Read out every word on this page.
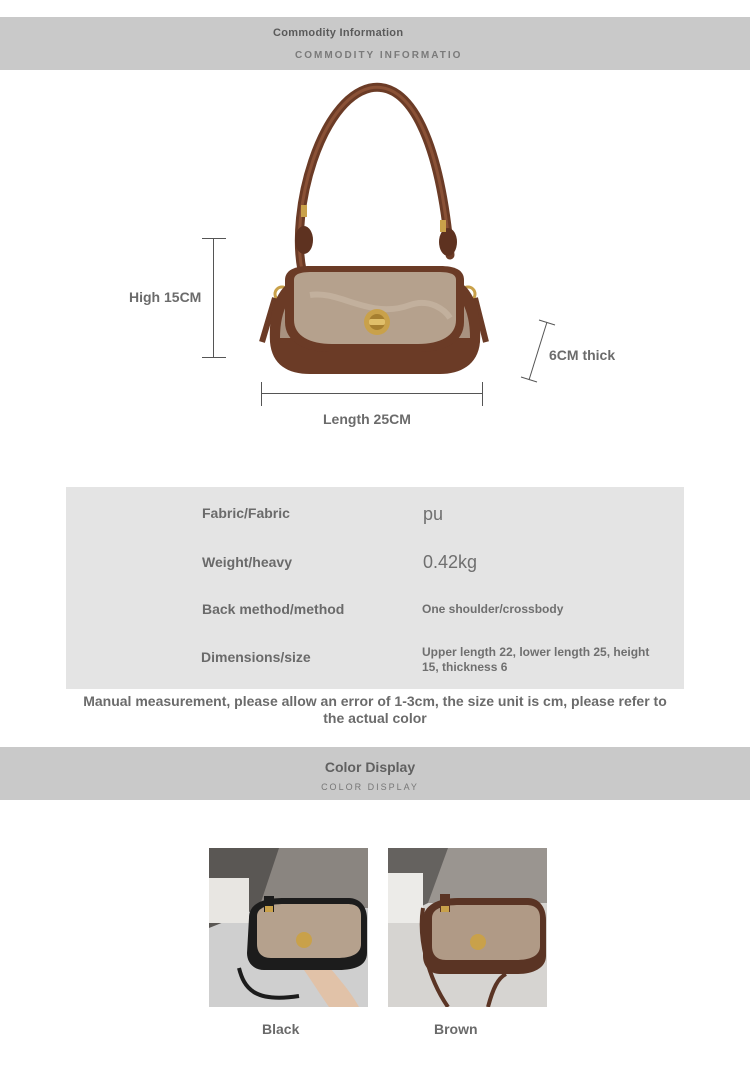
Commodity Information
COMMODITY INFORMATIO
High 15CM
6CM thick
Length 25CM
Fabric/Fabric	pu
Weight/heavy	0.42kg
Back method/method	One shoulder/crossbody
Dimensions/size	Upper length 22, lower length 25, height 15, thickness 6
Manual measurement, please allow an error of 1-3cm, the size unit is cm, please refer to the actual color
Color Display
COLOR DISPLAY
Black	Brown
